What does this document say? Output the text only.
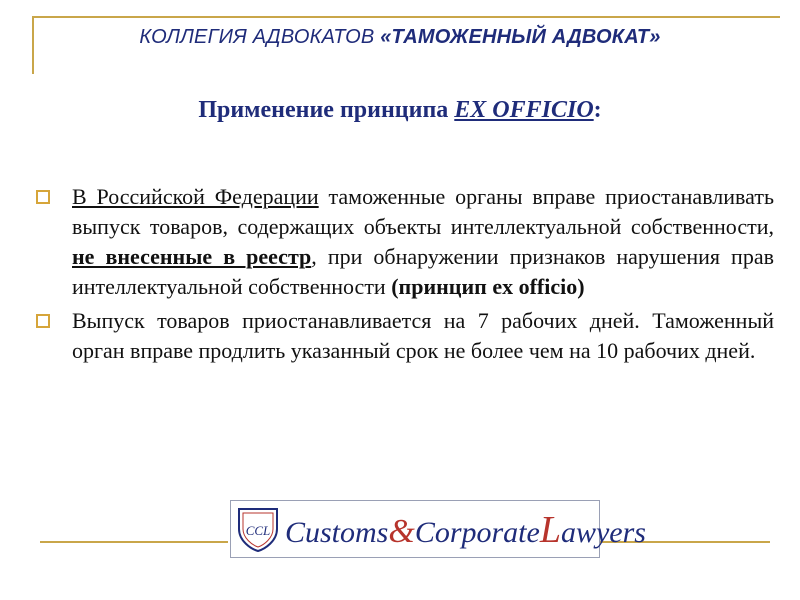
КОЛЛЕГИЯ АДВОКАТОВ «ТАМОЖЕННЫЙ АДВОКАТ»
Применение принципа EX OFFICIO:
В Российской Федерации таможенные органы вправе приостанавливать выпуск товаров, содержащих объекты интеллектуальной собственности, не внесенные в реестр, при обнаружении признаков нарушения прав интеллектуальной собственности (принцип ex officio)
Выпуск товаров приостанавливается на 7 рабочих дней. Таможенный орган вправе продлить указанный срок не более чем на 10 рабочих дней.
CCL Customs&CorporateLawyers
